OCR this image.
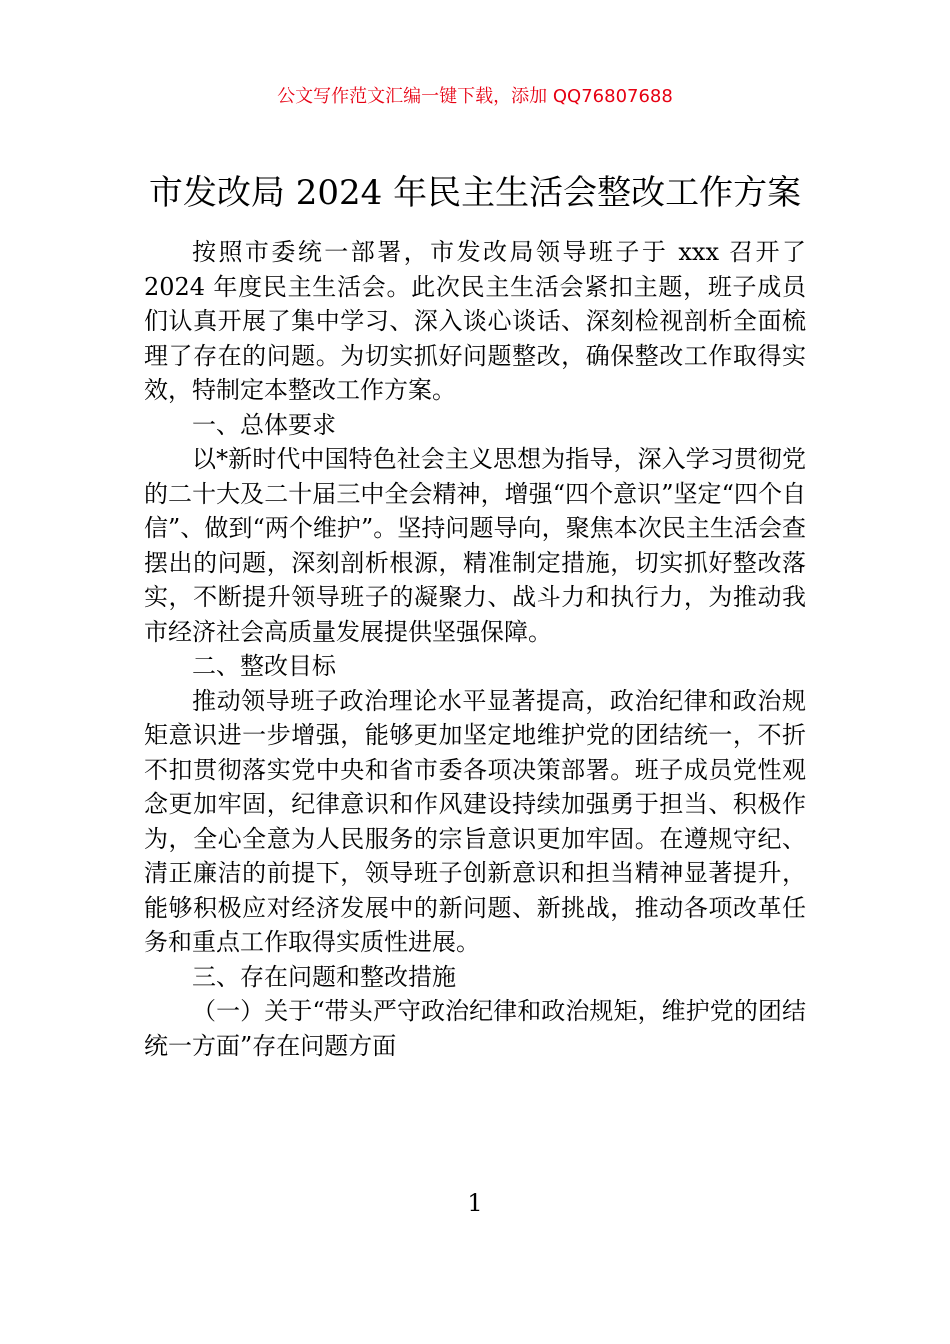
公文写作范文汇编一键下载，添加 QQ76807688
市发改局 2024 年民主生活会整改工作方案

按照市委统一部署，市发改局领导班子于 xxx 召开了 2024 年度民主生活会。此次民主生活会紧扣主题，班子成员们认真开展了集中学习、深入谈心谈话、深刻检视剖析全面梳理了存在的问题。为切实抓好问题整改，确保整改工作取得实效，特制定本整改工作方案。

一、总体要求

以*新时代中国特色社会主义思想为指导，深入学习贯彻党的二十大及二十届三中全会精神，增强“四个意识”坚定“四个自信”、做到“两个维护”。坚持问题导向，聚焦本次民主生活会查摆出的问题，深刻剖析根源，精准制定措施，切实抓好整改落实，不断提升领导班子的凝聚力、战斗力和执行力，为推动我市经济社会高质量发展提供坚强保障。

二、整改目标

推动领导班子政治理论水平显著提高，政治纪律和政治规矩意识进一步增强，能够更加坚定地维护党的团结统一，不折不扣贯彻落实党中央和省市委各项决策部署。班子成员党性观念更加牢固，纪律意识和作风建设持续加强勇于担当、积极作为，全心全意为人民服务的宗旨意识更加牢固。在遵规守纪、清正廉洁的前提下，领导班子创新意识和担当精神显著提升，能够积极应对经济发展中的新问题、新挑战，推动各项改革任务和重点工作取得实质性进展。

三、存在问题和整改措施

（一）关于“带头严守政治纪律和政治规矩，维护党的团结统一方面”存在问题方面

1
